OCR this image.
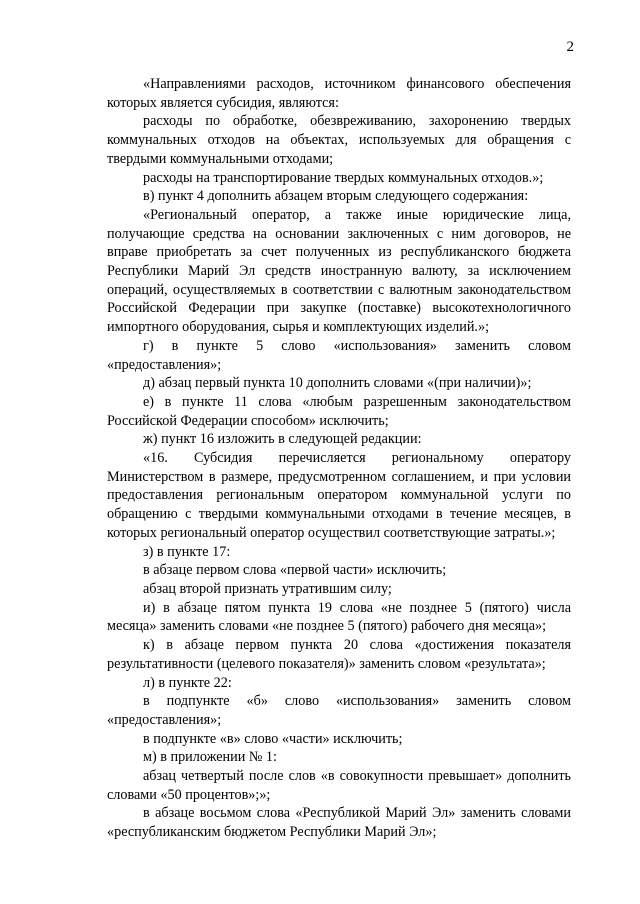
2

«Направлениями расходов, источником финансового обеспечения которых является субсидия, являются:

расходы по обработке, обезвреживанию, захоронению твердых коммунальных отходов на объектах, используемых для обращения с твердыми коммунальными отходами;

расходы на транспортирование твердых коммунальных отходов.»;

в) пункт 4 дополнить абзацем вторым следующего содержания:

«Региональный оператор, а также иные юридические лица, получающие средства на основании заключенных с ним договоров, не вправе приобретать за счет полученных из республиканского бюджета Республики Марий Эл средств иностранную валюту, за исключением операций, осуществляемых в соответствии с валютным законодательством Российской Федерации при закупке (поставке) высокотехнологичного импортного оборудования, сырья и комплектующих изделий.»;

г) в пункте 5 слово «использования» заменить словом «предоставления»;

д) абзац первый пункта 10 дополнить словами «(при наличии)»;

е) в пункте 11 слова «любым разрешенным законодательством Российской Федерации способом» исключить;

ж) пункт 16 изложить в следующей редакции:

«16. Субсидия перечисляется региональному оператору Министерством в размере, предусмотренном соглашением, и при условии предоставления региональным оператором коммунальной услуги по обращению с твердыми коммунальными отходами в течение месяцев, в которых региональный оператор осуществил соответствующие затраты.»;

з) в пункте 17:

в абзаце первом слова «первой части» исключить;

абзац второй признать утратившим силу;

и) в абзаце пятом пункта 19 слова «не позднее 5 (пятого) числа месяца» заменить словами «не позднее 5 (пятого) рабочего дня месяца»;

к) в абзаце первом пункта 20 слова «достижения показателя результативности (целевого показателя)» заменить словом «результата»;

л) в пункте 22:

в подпункте «б» слово «использования» заменить словом «предоставления»;

в подпункте «в» слово «части» исключить;

м) в приложении № 1:

абзац четвертый после слов «в совокупности превышает» дополнить словами «50 процентов»;»;

в абзаце восьмом слова «Республикой Марий Эл» заменить словами «республиканским бюджетом Республики Марий Эл»;
